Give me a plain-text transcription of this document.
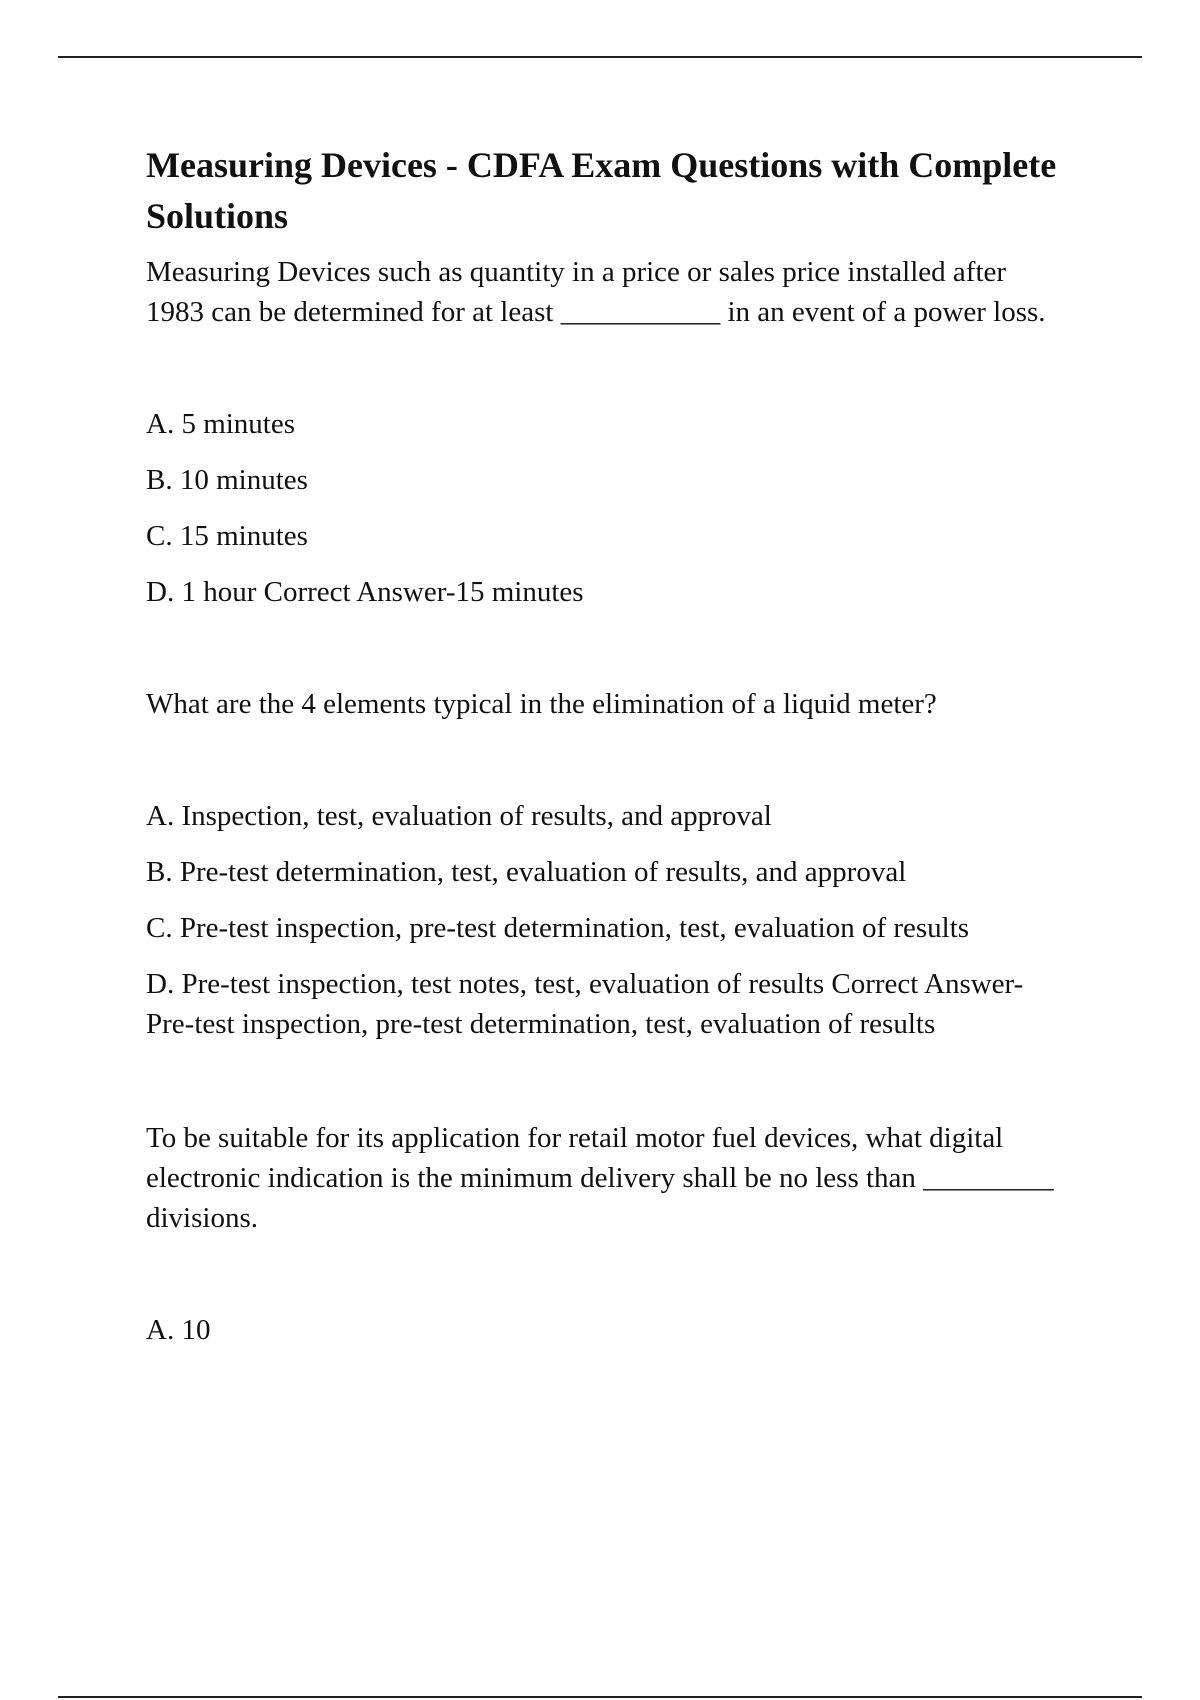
Measuring Devices - CDFA Exam Questions with Complete Solutions

Measuring Devices such as quantity in a price or sales price installed after 1983 can be determined for at least ___________ in an event of a power loss.

A. 5 minutes

B. 10 minutes

C. 15 minutes

D. 1 hour Correct Answer-15 minutes

What are the 4 elements typical in the elimination of a liquid meter?

A. Inspection, test, evaluation of results, and approval

B. Pre-test determination, test, evaluation of results, and approval

C. Pre-test inspection, pre-test determination, test, evaluation of results

D. Pre-test inspection, test notes, test, evaluation of results Correct Answer-Pre-test inspection, pre-test determination, test, evaluation of results

To be suitable for its application for retail motor fuel devices, what digital electronic indication is the minimum delivery shall be no less than _________ divisions.

A. 10
